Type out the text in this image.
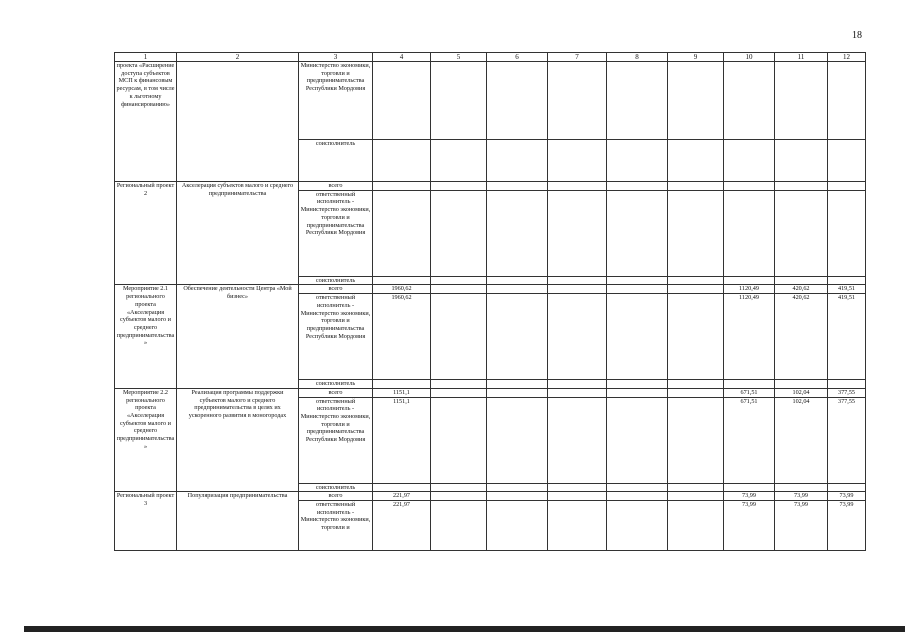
18
1	2	3	4	5	6	7	8	9	10	11	12
проекта «Расширение доступа субъектов МСП к финансовым ресурсам, в том числе к льготному финансированию»		Министерство экономики, торговли и предпринимательства Республики Мордовия									
		соисполнитель									
Региональный проект 2	Акселерация субъектов малого и среднего предпринимательства	всего									
		ответственный исполнитель - Министерство экономики, торговли и предпринимательства Республики Мордовия									
		соисполнитель									
Мероприятие 2.1 регионального проекта «Акселерация субъектов малого и среднего предпринимательства»	Обеспечение деятельности Центра «Мой бизнес»	всего	1960,62						1120,49	420,62	419,51
		ответственный исполнитель - Министерство экономики, торговли и предпринимательства Республики Мордовия	1960,62						1120,49	420,62	419,51
		соисполнитель									
Мероприятие 2.2 регионального проекта «Акселерация субъектов малого и среднего предпринимательства»	Реализация программы поддержки субъектов малого и среднего предпринимательства в целях их ускоренного развития в моногородах	всего	1151,1						671,51	102,04	377,55
		ответственный исполнитель - Министерство экономики, торговли и предпринимательства Республики Мордовия	1151,1						671,51	102,04	377,55
		соисполнитель									
Региональный проект 3	Популяризация предпринимательства	всего	221,97						73,99	73,99	73,99
		ответственный исполнитель - Министерство экономики, торговли и	221,97						73,99	73,99	73,99
